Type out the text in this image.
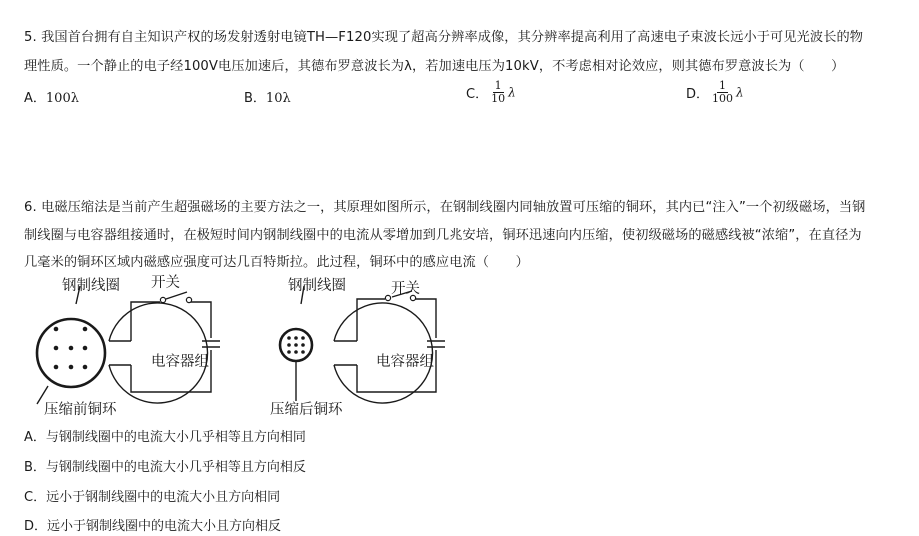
5. 我国首台拥有自主知识产权的场发射透射电镜TH—F120实现了超高分辨率成像，其分辨率提高利用了高速电子束波长远小于可见光波长的物
理性质。一个静止的电子经100V电压加速后，其德布罗意波长为λ，若加速电压为10kV，不考虑相对论效应，则其德布罗意波长为（　　）
A．100λ	B．10λ	C． $\frac{1}{10}$ λ	D． $\frac{1}{100}$ λ
6. 电磁压缩法是当前产生超强磁场的主要方法之一，其原理如图所示，在钢制线圈内同轴放置可压缩的铜环，其内已“注入”一个初级磁场，当钢
制线圈与电容器组接通时，在极短时间内钢制线圈中的电流从零增加到几兆安培，铜环迅速向内压缩，使初级磁场的磁感线被“浓缩”，在直径为
几毫米的铜环区域内磁感应强度可达几百特斯拉。此过程，铜环中的感应电流（　　）
钢制线圈 开关
电容器组
压缩前铜环
钢制线圈	开关
电容器组
压缩后铜环
A．与钢制线圈中的电流大小几乎相等且方向相同
B．与钢制线圈中的电流大小几乎相等且方向相反
C．远小于钢制线圈中的电流大小且方向相同
D．远小于钢制线圈中的电流大小且方向相反
